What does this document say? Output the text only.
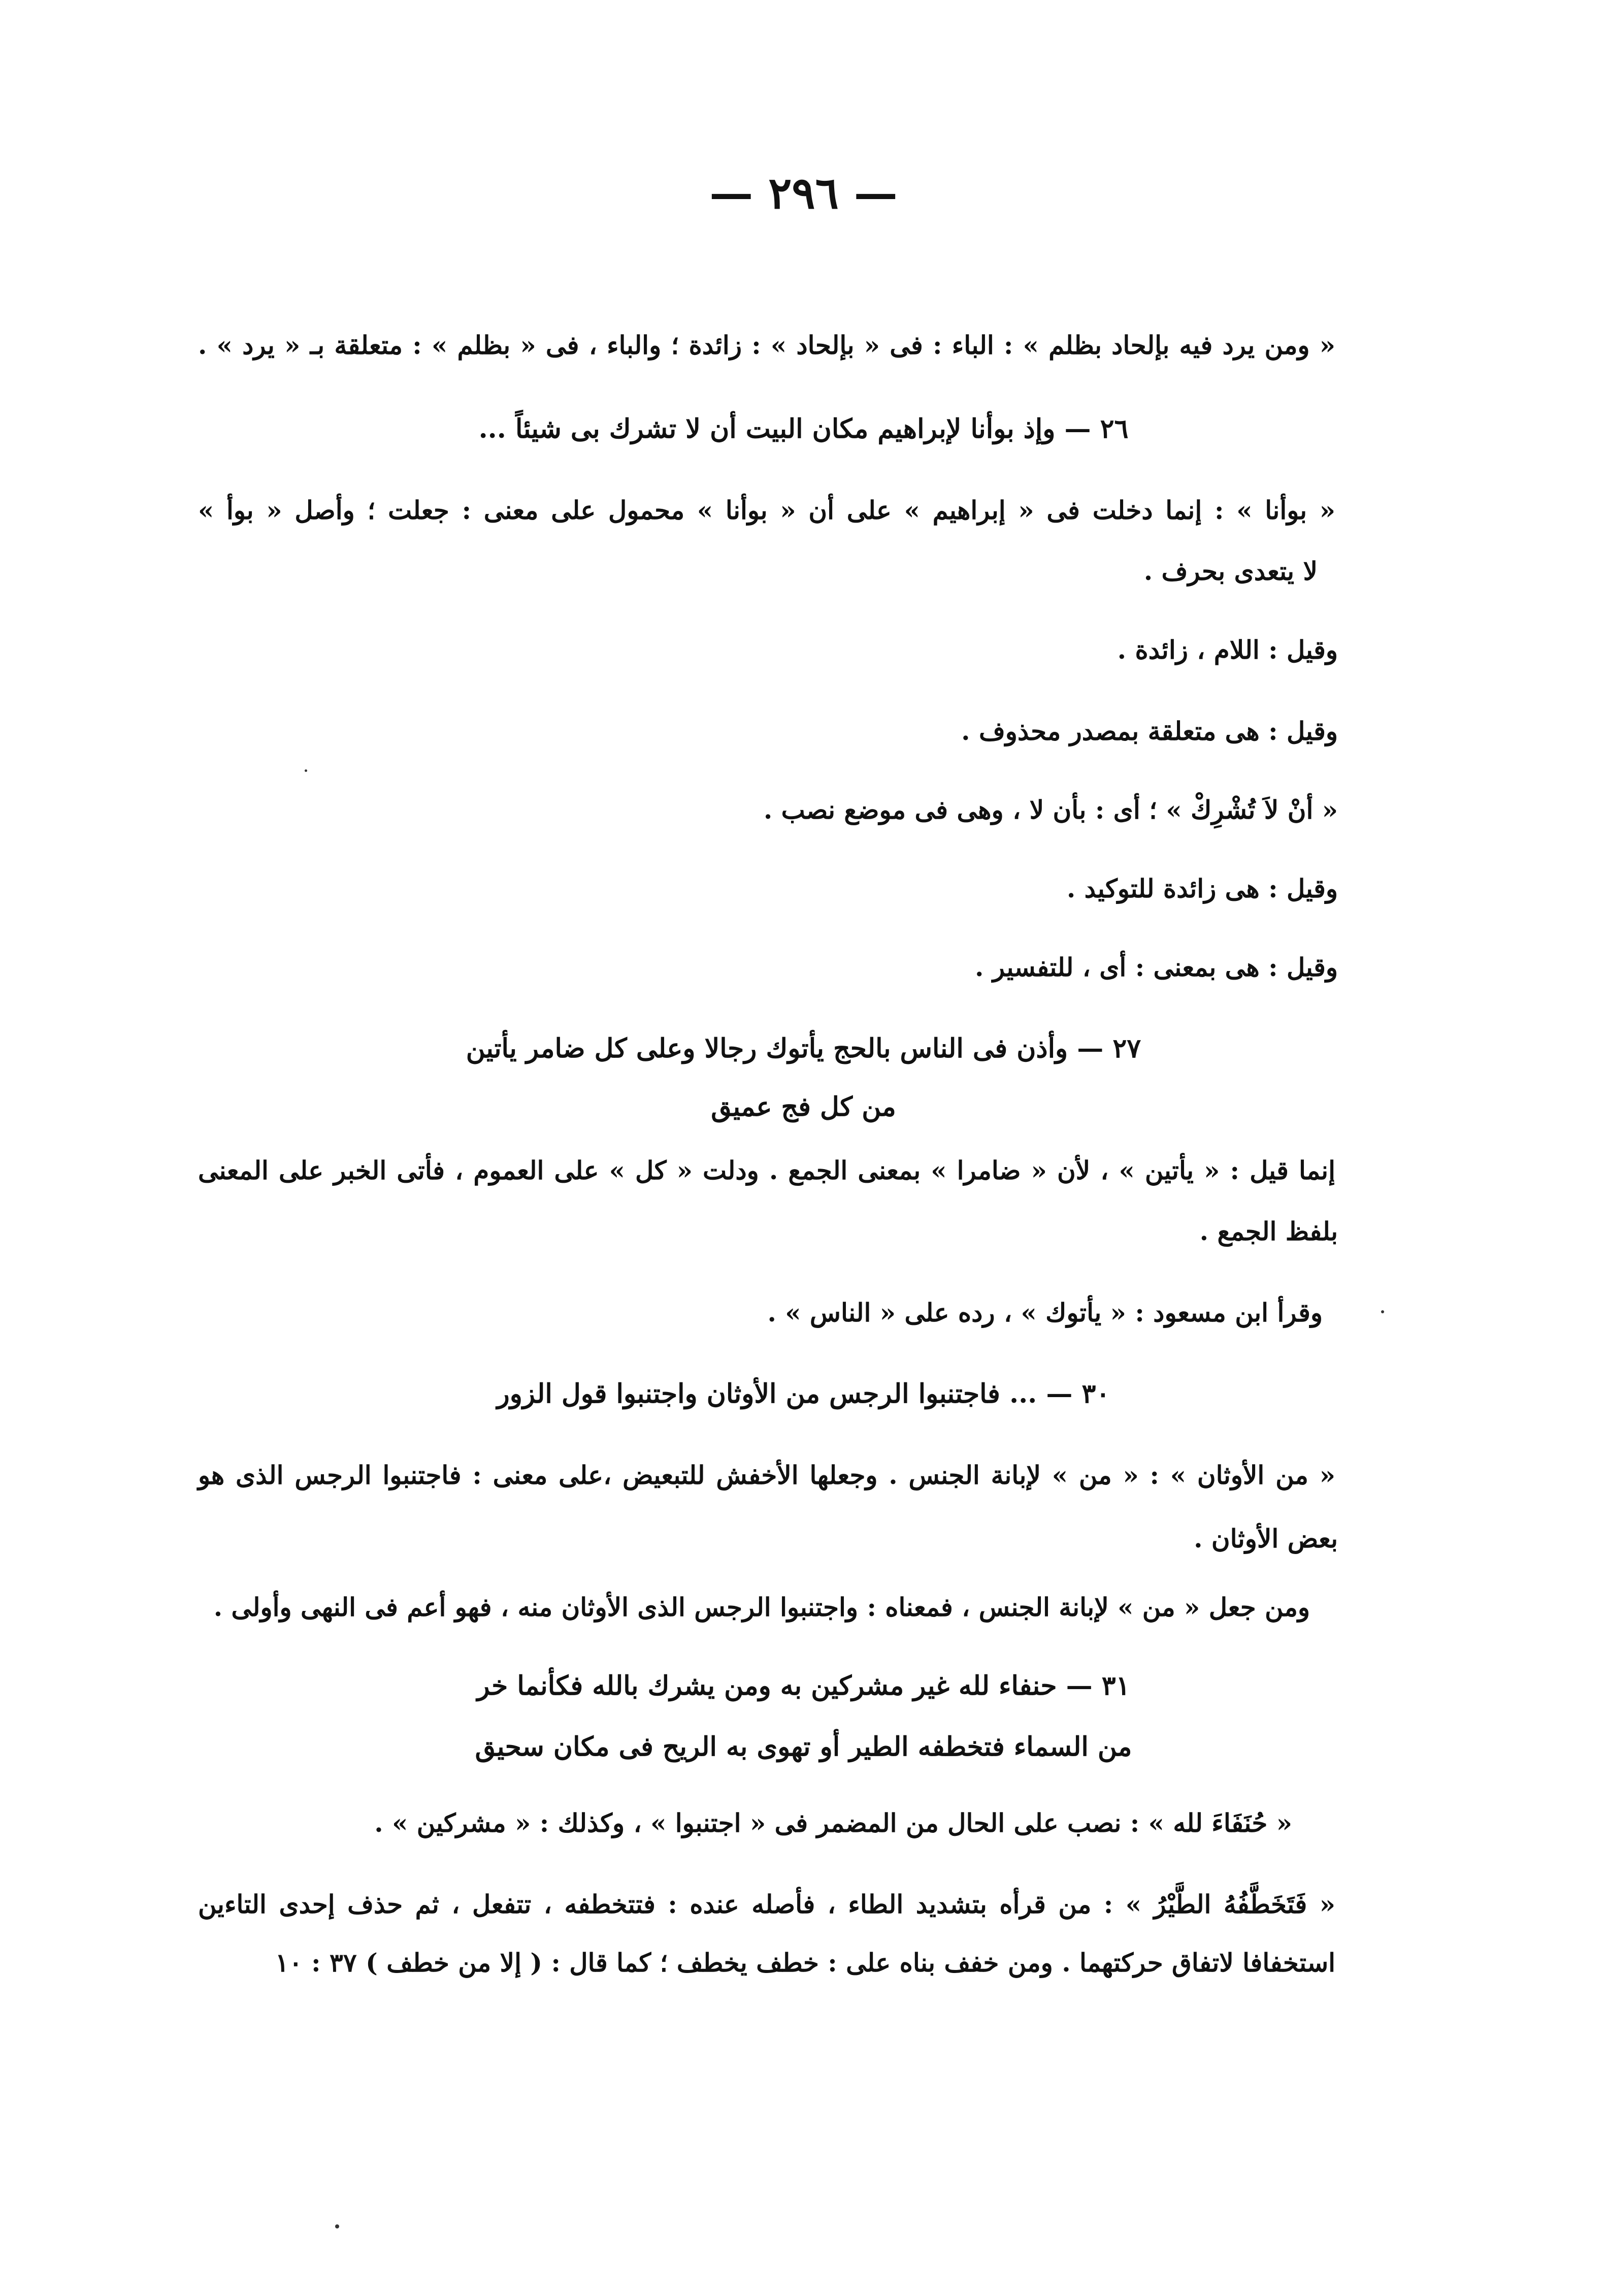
— ٢٩٦ —
« ومن يرد فيه بإلحاد بظلم » : الباء : فى « بإلحاد » : زائدة ؛ والباء ، فى « بظلم » : متعلقة بـ « يرد » .
٢٦ — وإذ بوأنا لإبراهيم مكان البيت أن لا تشرك بى شيئاً ...
« بوأنا » : إنما دخلت فى « إبراهيم » على أن « بوأنا » محمول على معنى : جعلت ؛ وأصل « بوأ »
لا يتعدى بحرف .
وقيل : اللام ، زائدة .
وقيل : هى متعلقة بمصدر محذوف .
« أنْ لاَ تُشْرِكْ » ؛ أى : بأن لا ، وهى فى موضع نصب .
وقيل : هى زائدة للتوكيد .
وقيل : هى بمعنى : أى ، للتفسير .
٢٧ — وأذن فى الناس بالحج يأتوك رجالا وعلى كل ضامر يأتين
من كل فج عميق
إنما قيل : « يأتين » ، لأن « ضامرا » بمعنى الجمع . ودلت « كل » على العموم ، فأتى الخبر على المعنى
بلفظ الجمع .
وقرأ ابن مسعود : « يأتوك » ، رده على « الناس » .
٣٠ — ... فاجتنبوا الرجس من الأوثان واجتنبوا قول الزور
« من الأوثان » : « من » لإبانة الجنس . وجعلها الأخفش للتبعيض ،على معنى : فاجتنبوا الرجس الذى هو
بعض الأوثان .
ومن جعل « من » لإبانة الجنس ، فمعناه : واجتنبوا الرجس الذى الأوثان منه ، فهو أعم فى النهى وأولى .
٣١ — حنفاء لله غير مشركين به ومن يشرك بالله فكأنما خر
من السماء فتخطفه الطير أو تهوى به الريح فى مكان سحيق
« حُنَفَاءَ لله » : نصب على الحال من المضمر فى « اجتنبوا » ، وكذلك : « مشركين » .
« فَتَخَطَّفُهُ الطَّيْرُ » : من قرأه بتشديد الطاء ، فأصله عنده : فتتخطفه ، تتفعل ، ثم حذف إحدى التاءين
استخفافا لاتفاق حركتهما . ومن خفف بناه على : خطف يخطف ؛ كما قال : ( إلا من خطف ) ٣٧ : ١٠
